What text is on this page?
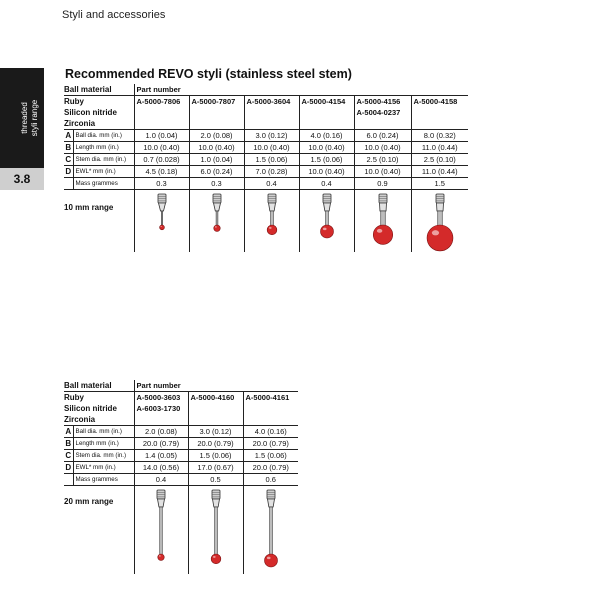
Styli and accessories
threaded styli range
3.8
Recommended REVO styli (stainless steel stem)
Ball material		Part number					
Ruby		A-5000-7806	A-5000-7807	A-5000-3604	A-5000-4154	A-5000-4156	A-5000-4158
Silicon nitride						A-5004-0237	
Zirconia							
A	Ball dia. mm (in.)	1.0 (0.04)	2.0 (0.08)	3.0 (0.12)	4.0 (0.16)	6.0 (0.24)	8.0 (0.32)
B	Length mm (in.)	10.0 (0.40)	10.0 (0.40)	10.0 (0.40)	10.0 (0.40)	10.0 (0.40)	11.0 (0.44)
C	Stem dia. mm (in.)	0.7 (0.028)	1.0 (0.04)	1.5 (0.06)	1.5 (0.06)	2.5 (0.10)	2.5 (0.10)
D	EWL* mm (in.)	4.5 (0.18)	6.0 (0.24)	7.0 (0.28)	10.0 (0.40)	10.0 (0.40)	11.0 (0.44)
	Mass grammes	0.3	0.3	0.4	0.4	0.9	1.5

10 mm range

Ball material		Part number		
Ruby		A-5000-3603	A-5000-4160	A-5000-4161
Silicon nitride		A-6003-1730		
Zirconia				
A	Ball dia. mm (in.)	2.0 (0.08)	3.0 (0.12)	4.0 (0.16)
B	Length mm (in.)	20.0 (0.79)	20.0 (0.79)	20.0 (0.79)
C	Stem dia. mm (in.)	1.4 (0.05)	1.5 (0.06)	1.5 (0.06)
D	EWL* mm (in.)	14.0 (0.56)	17.0 (0.67)	20.0 (0.79)
	Mass grammes	0.4	0.5	0.6

20 mm range
